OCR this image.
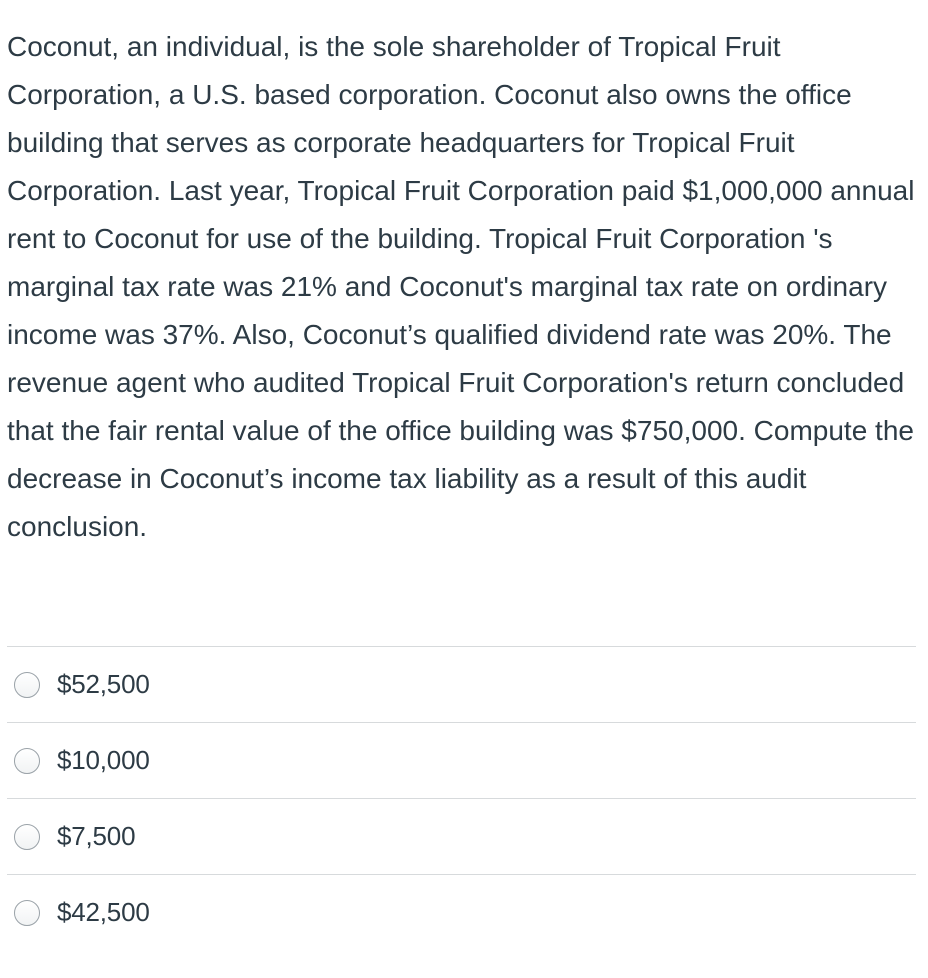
Coconut, an individual, is the sole shareholder of Tropical Fruit Corporation, a U.S. based corporation. Coconut also owns the office building that serves as corporate headquarters for Tropical Fruit Corporation. Last year, Tropical Fruit Corporation paid $1,000,000 annual rent to Coconut for use of the building. Tropical Fruit Corporation 's marginal tax rate was 21% and Coconut's marginal tax rate on ordinary income was 37%. Also, Coconut’s qualified dividend rate was 20%. The revenue agent who audited Tropical Fruit Corporation's return concluded that the fair rental value of the office building was $750,000. Compute the decrease in Coconut’s income tax liability as a result of this audit conclusion.

$52,500
$10,000
$7,500
$42,500
